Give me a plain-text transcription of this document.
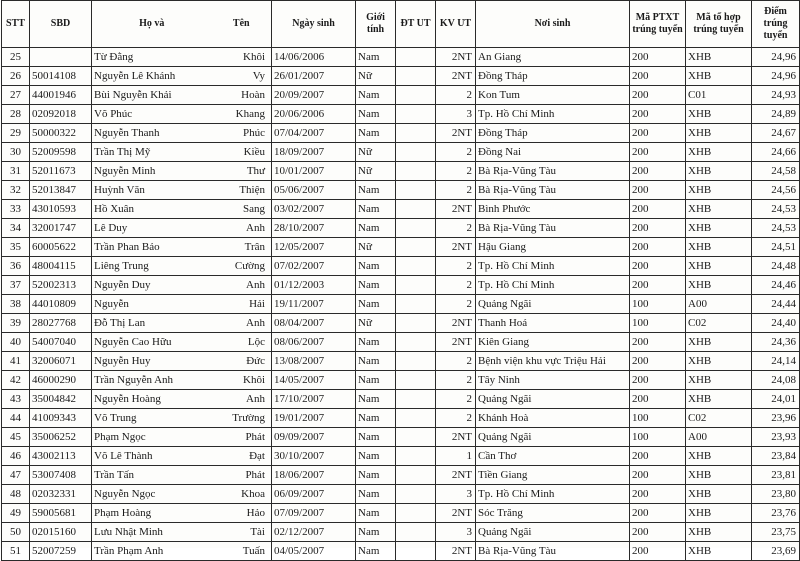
STT	SBD	Họ và	Tên	Ngày sinh	Giới tính	ĐT UT	KV UT	Nơi sinh	Mã PTXT trúng tuyển	Mã tổ hợp trúng tuyển	Điểm trúng tuyển
25		Từ Đằng	Khôi	14/06/2006	Nam		2NT	An Giang	200	XHB	24,96
26	50014108	Nguyễn Lê Khánh	Vy	26/01/2007	Nữ		2NT	Đồng Tháp	200	XHB	24,96
27	44001946	Bùi Nguyễn Khải	Hoàn	20/09/2007	Nam		2	Kon Tum	200	C01	24,93
28	02092018	Võ Phúc	Khang	20/06/2006	Nam		3	Tp. Hồ Chí Minh	200	XHB	24,89
29	50000322	Nguyễn Thanh	Phúc	07/04/2007	Nam		2NT	Đồng Tháp	200	XHB	24,67
30	52009598	Trần Thị Mỹ	Kiều	18/09/2007	Nữ		2	Đồng Nai	200	XHB	24,66
31	52011673	Nguyễn Minh	Thư	10/01/2007	Nữ		2	Bà Rịa-Vũng Tàu	200	XHB	24,58
32	52013847	Huỳnh Văn	Thiện	05/06/2007	Nam		2	Bà Rịa-Vũng Tàu	200	XHB	24,56
33	43010593	Hồ Xuân	Sang	03/02/2007	Nam		2NT	Bình Phước	200	XHB	24,53
34	32001747	Lê Duy	Anh	28/10/2007	Nam		2	Bà Rịa-Vũng Tàu	200	XHB	24,53
35	60005622	Trần Phan Bảo	Trân	12/05/2007	Nữ		2NT	Hậu Giang	200	XHB	24,51
36	48004115	Liêng Trung	Cường	07/02/2007	Nam		2	Tp. Hồ Chí Minh	200	XHB	24,48
37	52002313	Nguyễn Duy	Anh	01/12/2003	Nam		2	Tp. Hồ Chí Minh	200	XHB	24,46
38	44010809	Nguyễn	Hải	19/11/2007	Nam		2	Quảng Ngãi	100	A00	24,44
39	28027768	Đỗ Thị Lan	Anh	08/04/2007	Nữ		2NT	Thanh Hoá	100	C02	24,40
40	54007040	Nguyễn Cao Hữu	Lộc	08/06/2007	Nam		2NT	Kiên Giang	200	XHB	24,36
41	32006071	Nguyễn Huy	Đức	13/08/2007	Nam		2	Bệnh viện khu vực Triệu Hải	200	XHB	24,14
42	46000290	Trần Nguyễn Anh	Khôi	14/05/2007	Nam		2	Tây Ninh	200	XHB	24,08
43	35004842	Nguyễn Hoàng	Anh	17/10/2007	Nam		2	Quảng Ngãi	200	XHB	24,01
44	41009343	Võ Trung	Trường	19/01/2007	Nam		2	Khánh Hoà	100	C02	23,96
45	35006252	Phạm Ngọc	Phát	09/09/2007	Nam		2NT	Quảng Ngãi	100	A00	23,93
46	43002113	Võ Lê Thành	Đạt	30/10/2007	Nam		1	Cần Thơ	200	XHB	23,84
47	53007408	Trần Tấn	Phát	18/06/2007	Nam		2NT	Tiền Giang	200	XHB	23,81
48	02032331	Nguyễn Ngọc	Khoa	06/09/2007	Nam		3	Tp. Hồ Chí Minh	200	XHB	23,80
49	59005681	Phạm Hoàng	Hảo	07/09/2007	Nam		2NT	Sóc Trăng	200	XHB	23,76
50	02015160	Lưu Nhật Minh	Tài	02/12/2007	Nam		3	Quảng Ngãi	200	XHB	23,75
51	52007259	Trần Phạm Anh	Tuấn	04/05/2007	Nam		2NT	Bà Rịa-Vũng Tàu	200	XHB	23,69
